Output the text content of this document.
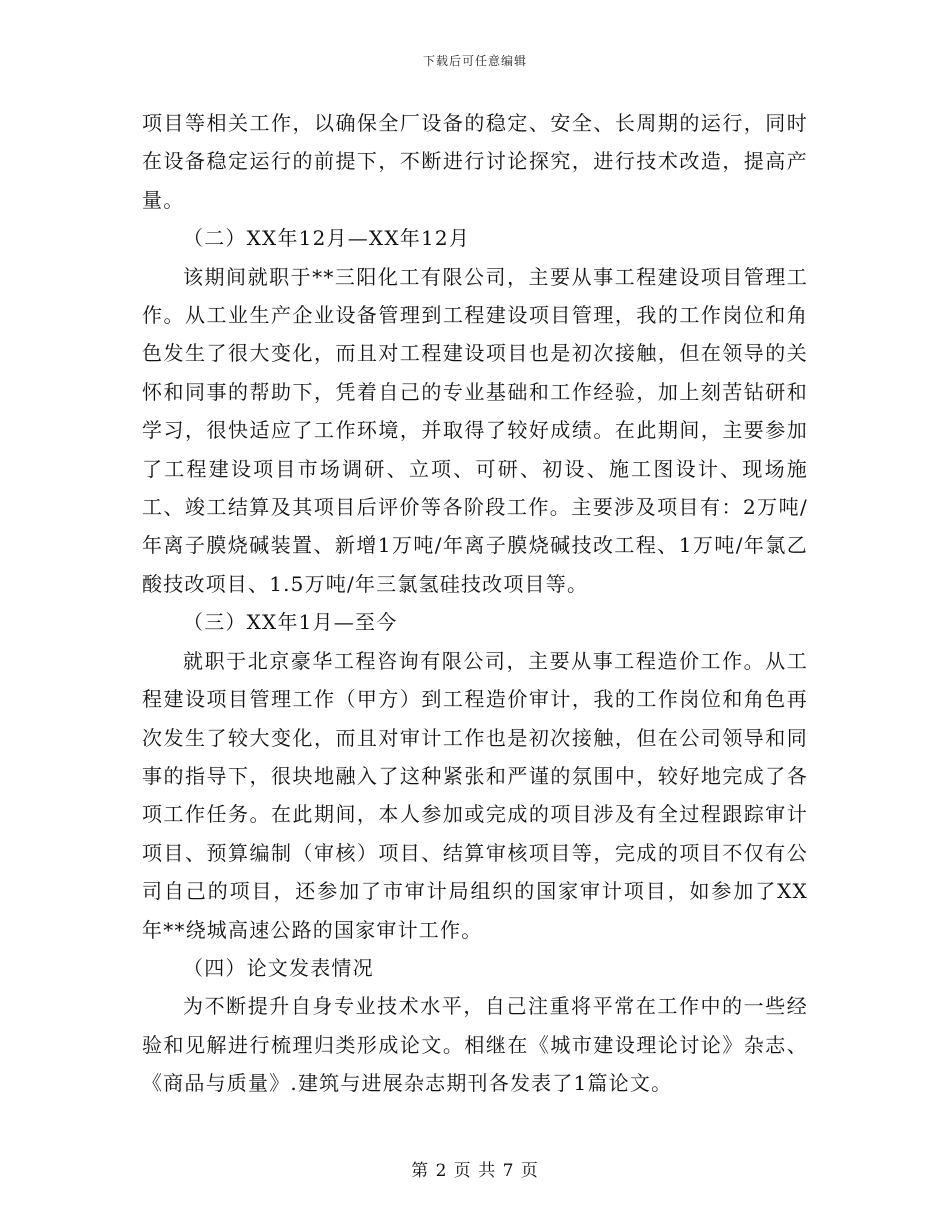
下载后可任意编辑

项目等相关工作，以确保全厂设备的稳定、安全、长周期的运行，同时在设备稳定运行的前提下，不断进行讨论探究，进行技术改造，提高产量。

（二）XX年12月—XX年12月

该期间就职于**三阳化工有限公司，主要从事工程建设项目管理工作。从工业生产企业设备管理到工程建设项目管理，我的工作岗位和角色发生了很大变化，而且对工程建设项目也是初次接触，但在领导的关怀和同事的帮助下，凭着自己的专业基础和工作经验，加上刻苦钻研和学习，很快适应了工作环境，并取得了较好成绩。在此期间，主要参加了工程建设项目市场调研、立项、可研、初设、施工图设计、现场施工、竣工结算及其项目后评价等各阶段工作。主要涉及项目有：2万吨/年离子膜烧碱装置、新增1万吨/年离子膜烧碱技改工程、1万吨/年氯乙酸技改项目、1.5万吨/年三氯氢硅技改项目等。

（三）XX年1月—至今

就职于北京豪华工程咨询有限公司，主要从事工程造价工作。从工程建设项目管理工作（甲方）到工程造价审计，我的工作岗位和角色再次发生了较大变化，而且对审计工作也是初次接触，但在公司领导和同事的指导下，很块地融入了这种紧张和严谨的氛围中，较好地完成了各项工作任务。在此期间，本人参加或完成的项目涉及有全过程跟踪审计项目、预算编制（审核）项目、结算审核项目等，完成的项目不仅有公司自己的项目，还参加了市审计局组织的国家审计项目，如参加了XX年**绕城高速公路的国家审计工作。

（四）论文发表情况

为不断提升自身专业技术水平，自己注重将平常在工作中的一些经验和见解进行梳理归类形成论文。相继在《城市建设理论讨论》杂志、《商品与质量》.建筑与进展杂志期刊各发表了1篇论文。

第 2 页 共 7 页
